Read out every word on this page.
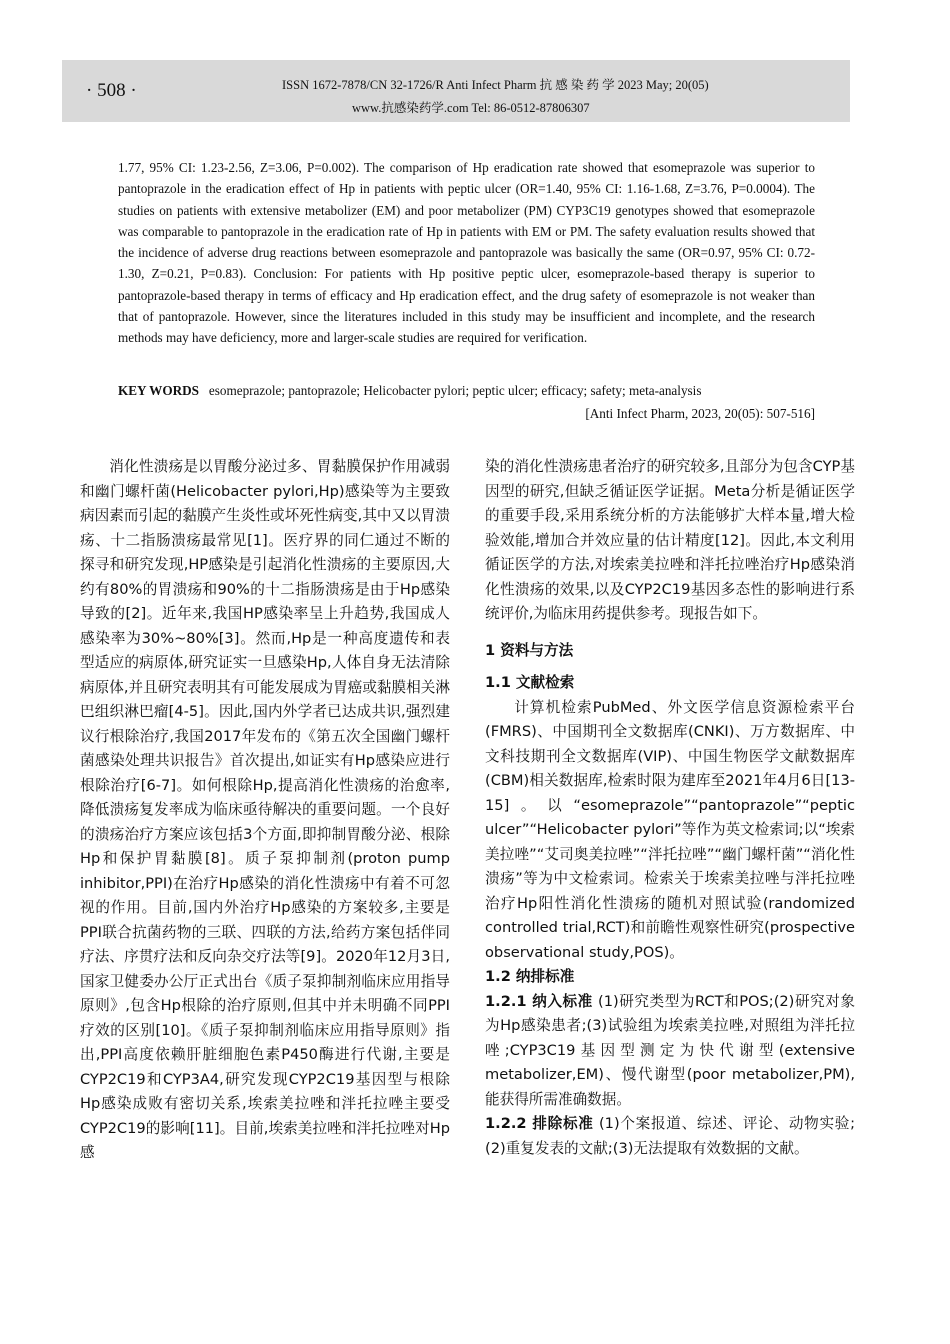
· 508 ·	ISSN 1672-7878/CN 32-1726/R Anti Infect Pharm 抗 感 染 药 学 2023 May; 20(05)
www.抗感染药学.com Tel: 86-0512-87806307

1.77, 95% CI: 1.23-2.56, Z=3.06, P=0.002). The comparison of Hp eradication rate showed that esomeprazole was superior to pantoprazole in the eradication effect of Hp in patients with peptic ulcer (OR=1.40, 95% CI: 1.16-1.68, Z=3.76, P=0.0004). The studies on patients with extensive metabolizer (EM) and poor metabolizer (PM) CYP3C19 genotypes showed that esomeprazole was comparable to pantoprazole in the eradication rate of Hp in patients with EM or PM. The safety evaluation results showed that the incidence of adverse drug reactions between esomeprazole and pantoprazole was basically the same (OR=0.97, 95% CI: 0.72-1.30, Z=0.21, P=0.83). Conclusion: For patients with Hp positive peptic ulcer, esomeprazole-based therapy is superior to pantoprazole-based therapy in terms of efficacy and Hp eradication effect, and the drug safety of esomeprazole is not weaker than that of pantoprazole. However, since the literatures included in this study may be insufficient and incomplete, and the research methods may have deficiency, more and larger-scale studies are required for verification.

KEY WORDS esomeprazole; pantoprazole; Helicobacter pylori; peptic ulcer; efficacy; safety; meta-analysis
[Anti Infect Pharm, 2023, 20(05): 507-516]

消化性溃疡是以胃酸分泌过多、胃黏膜保护作用减弱和幽门螺杆菌(Helicobacter pylori,Hp)感染等为主要致病因素而引起的黏膜产生炎性或坏死性病变,其中又以胃溃疡、十二指肠溃疡最常见[1]。医疗界的同仁通过不断的探寻和研究发现,HP感染是引起消化性溃疡的主要原因,大约有80%的胃溃疡和90%的十二指肠溃疡是由于Hp感染导致的[2]。近年来,我国HP感染率呈上升趋势,我国成人感染率为30%~80%[3]。然而,Hp是一种高度遗传和表型适应的病原体,研究证实一旦感染Hp,人体自身无法清除病原体,并且研究表明其有可能发展成为胃癌或黏膜相关淋巴组织淋巴瘤[4-5]。因此,国内外学者已达成共识,强烈建议行根除治疗,我国2017年发布的《第五次全国幽门螺杆菌感染处理共识报告》首次提出,如证实有Hp感染应进行根除治疗[6-7]。如何根除Hp,提高消化性溃疡的治愈率,降低溃疡复发率成为临床亟待解决的重要问题。一个良好的溃疡治疗方案应该包括3个方面,即抑制胃酸分泌、根除Hp和保护胃黏膜[8]。质子泵抑制剂(proton pump inhibitor,PPI)在治疗Hp感染的消化性溃疡中有着不可忽视的作用。目前,国内外治疗Hp感染的方案较多,主要是PPI联合抗菌药物的三联、四联的方法,给药方案包括伴同疗法、序贯疗法和反向杂交疗法等[9]。2020年12月3日,国家卫健委办公厅正式出台《质子泵抑制剂临床应用指导原则》,包含Hp根除的治疗原则,但其中并未明确不同PPI疗效的区别[10]。《质子泵抑制剂临床应用指导原则》指出,PPI高度依赖肝脏细胞色素P450酶进行代谢,主要是CYP2C19和CYP3A4,研究发现CYP2C19基因型与根除Hp感染成败有密切关系,埃索美拉唑和泮托拉唑主要受CYP2C19的影响[11]。目前,埃索美拉唑和泮托拉唑对Hp感

染的消化性溃疡患者治疗的研究较多,且部分为包含CYP基因型的研究,但缺乏循证医学证据。Meta分析是循证医学的重要手段,采用系统分析的方法能够扩大样本量,增大检验效能,增加合并效应量的估计精度[12]。因此,本文利用循证医学的方法,对埃索美拉唑和泮托拉唑治疗Hp感染消化性溃疡的效果,以及CYP2C19基因多态性的影响进行系统评价,为临床用药提供参考。现报告如下。

1 资料与方法
1.1 文献检索

计算机检索PubMed、外文医学信息资源检索平台(FMRS)、中国期刊全文数据库(CNKI)、万方数据库、中文科技期刊全文数据库(VIP)、中国生物医学文献数据库(CBM)相关数据库,检索时限为建库至2021年4月6日[13-15]。以“esomeprazole”“pantoprazole”“peptic ulcer”“Helicobacter pylori”等作为英文检索词;以“埃索美拉唑”“艾司奥美拉唑”“泮托拉唑”“幽门螺杆菌”“消化性溃疡”等为中文检索词。检索关于埃索美拉唑与泮托拉唑治疗Hp阳性消化性溃疡的随机对照试验(randomized controlled trial,RCT)和前瞻性观察性研究(prospective observational study,POS)。

1.2 纳排标准
1.2.1 纳入标准 (1)研究类型为RCT和POS;(2)研究对象为Hp感染患者;(3)试验组为埃索美拉唑,对照组为泮托拉唑;CYP3C19基因型测定为快代谢型(extensive metabolizer,EM)、慢代谢型(poor metabolizer,PM),能获得所需准确数据。
1.2.2 排除标准 (1)个案报道、综述、评论、动物实验;(2)重复发表的文献;(3)无法提取有效数据的文献。
